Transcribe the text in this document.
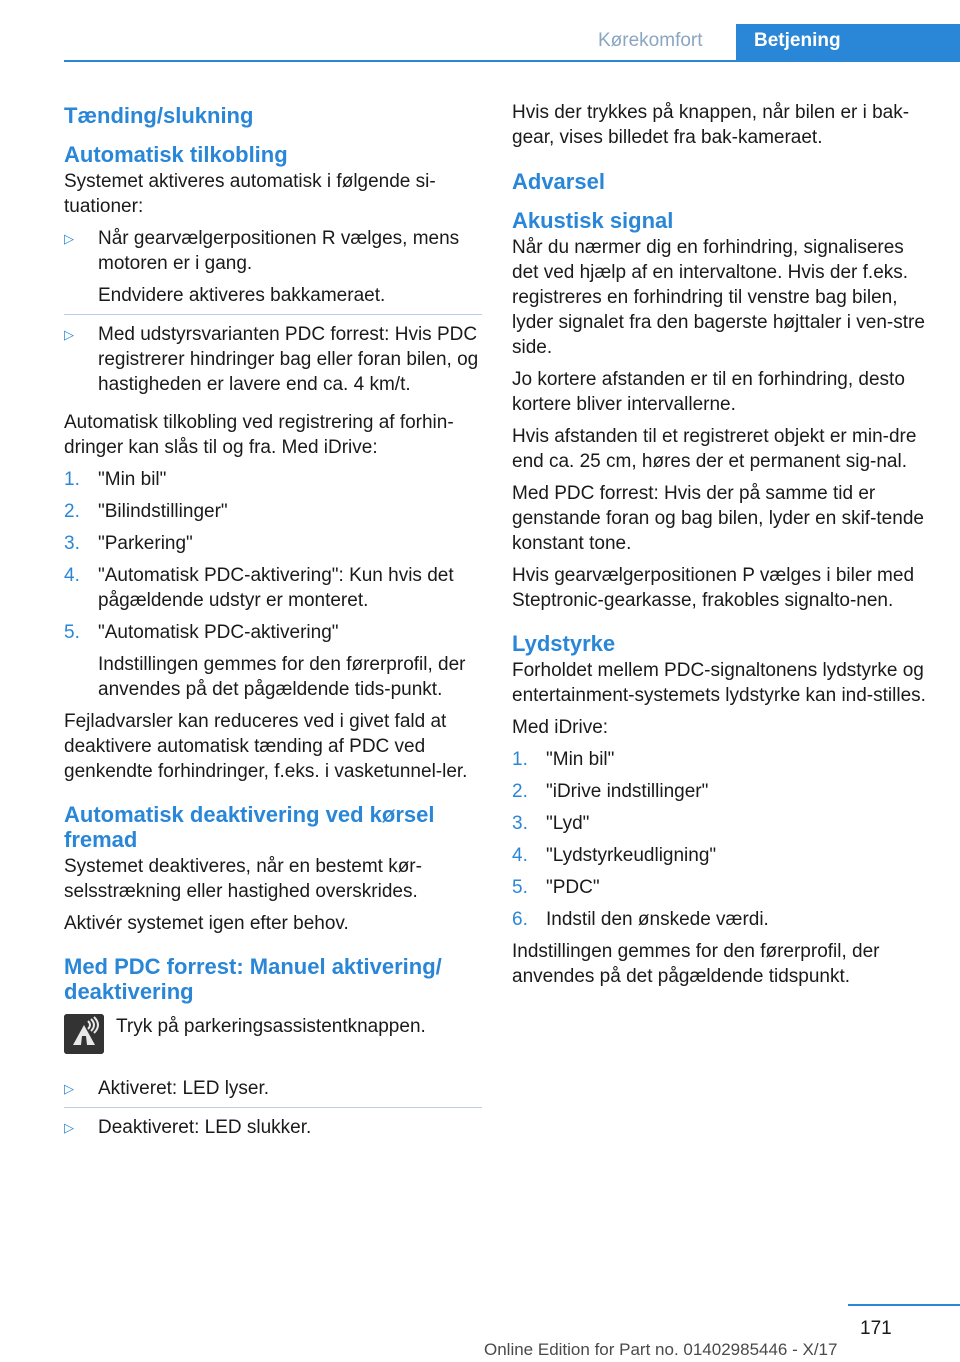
Kørekomfort	Betjening
Tænding/slukning
Automatisk tilkobling
Systemet aktiveres automatisk i følgende si-tuationer:
▷ Når gearvælgerpositionen R vælges, mens motoren er i gang.
Endvidere aktiveres bakkameraet.
▷ Med udstyrsvarianten PDC forrest: Hvis PDC registrerer hindringer bag eller foran bilen, og hastigheden er lavere end ca. 4 km/t.
Automatisk tilkobling ved registrering af forhin-dringer kan slås til og fra. Med iDrive:
1. "Min bil"
2. "Bilindstillinger"
3. "Parkering"
4. "Automatisk PDC-aktivering": Kun hvis det pågældende udstyr er monteret.
5. "Automatisk PDC-aktivering"
Indstillingen gemmes for den førerprofil, der anvendes på det pågældende tids-punkt.
Fejladvarsler kan reduceres ved i givet fald at deaktivere automatisk tænding af PDC ved genkendte forhindringer, f.eks. i vasketunnel-ler.
Automatisk deaktivering ved kørsel fremad
Systemet deaktiveres, når en bestemt kør-selsstrækning eller hastighed overskrides.
Aktivér systemet igen efter behov.
Med PDC forrest: Manuel aktivering/ deaktivering
Tryk på parkeringsassistentknappen.
▷ Aktiveret: LED lyser.
▷ Deaktiveret: LED slukker.
Hvis der trykkes på knappen, når bilen er i bak-gear, vises billedet fra bak-kameraet.
Advarsel
Akustisk signal
Når du nærmer dig en forhindring, signaliseres det ved hjælp af en intervaltone. Hvis der f.eks. registreres en forhindring til venstre bag bilen, lyder signalet fra den bagerste højttaler i ven-stre side.
Jo kortere afstanden er til en forhindring, desto kortere bliver intervallerne.
Hvis afstanden til et registreret objekt er min-dre end ca. 25 cm, høres der et permanent sig-nal.
Med PDC forrest: Hvis der på samme tid er genstande foran og bag bilen, lyder en skif-tende konstant tone.
Hvis gearvælgerpositionen P vælges i biler med Steptronic-gearkasse, frakobles signalto-nen.
Lydstyrke
Forholdet mellem PDC-signaltonens lydstyrke og entertainment-systemets lydstyrke kan ind-stilles.
Med iDrive:
1. "Min bil"
2. "iDrive indstillinger"
3. "Lyd"
4. "Lydstyrkeudligning"
5. "PDC"
6. Indstil den ønskede værdi.
Indstillingen gemmes for den førerprofil, der anvendes på det pågældende tidspunkt.
171
Online Edition for Part no. 01402985446 - X/17
